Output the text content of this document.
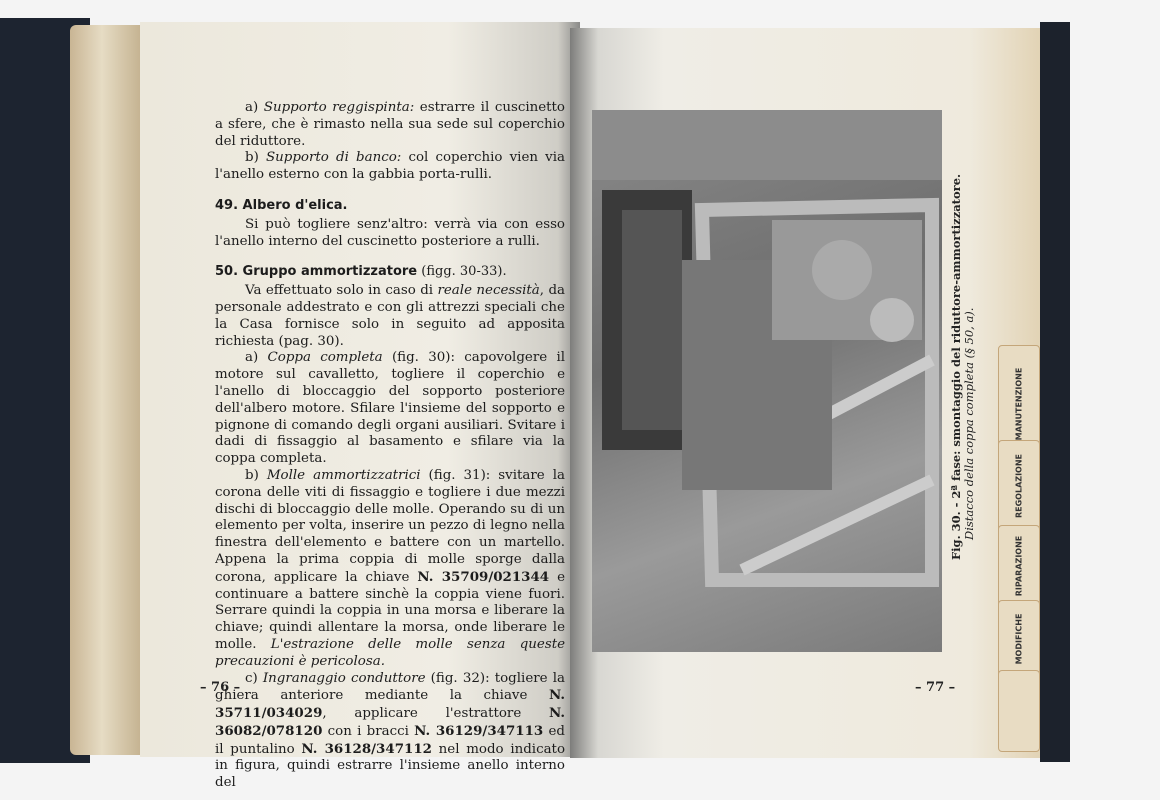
a) Supporto reggispinta: estrarre il cuscinetto a sfere, che è rimasto nella sua sede sul coperchio del riduttore.

b) Supporto di banco: col coperchio vien via l'anello esterno con la gabbia porta-rulli.

49. Albero d'elica.

Si può togliere senz'altro: verrà via con esso l'anello interno del cuscinetto posteriore a rulli.

50. Gruppo ammortizzatore (figg. 30-33).

Va effettuato solo in caso di reale necessità, da personale addestrato e con gli attrezzi speciali che la Casa fornisce solo in seguito ad apposita richiesta (pag. 30).

a) Coppa completa (fig. 30): capovolgere il motore sul cavalletto, togliere il coperchio e l'anello di bloccaggio del sopporto posteriore dell'albero motore. Sfilare l'insieme del sopporto e pignone di comando degli organi ausiliari. Svitare i dadi di fissaggio al basamento e sfilare via la coppa completa.

b) Molle ammortizzatrici (fig. 31): svitare la corona delle viti di fissaggio e togliere i due mezzi dischi di bloccaggio delle molle. Operando su di un elemento per volta, inserire un pezzo di legno nella finestra dell'elemento e battere con un martello. Appena la prima coppia di molle sporge dalla corona, applicare la chiave N. 35709/021344 e continuare a battere sinchè la coppia viene fuori. Serrare quindi la coppia in una morsa e liberare la chiave; quindi allentare la morsa, onde liberare le molle. L'estrazione delle molle senza queste precauzioni è pericolosa.

c) Ingranaggio conduttore (fig. 32): togliere la ghiera anteriore mediante la chiave N. 35711/034029, applicare l'estrattore N. 36082/078120 con i bracci N. 36129/347113 ed il puntalino N. 36128/347112 nel modo indicato in figura, quindi estrarre l'insieme anello interno del

– 76 –
Fig. 30. - 2ª fase: smontaggio del riduttore-ammortizzatore. Distacco della coppa completa (§ 50, a).
– 77 –
MANUTENZIONE
REGOLAZIONE
RIPARAZIONE
MODIFICHE
